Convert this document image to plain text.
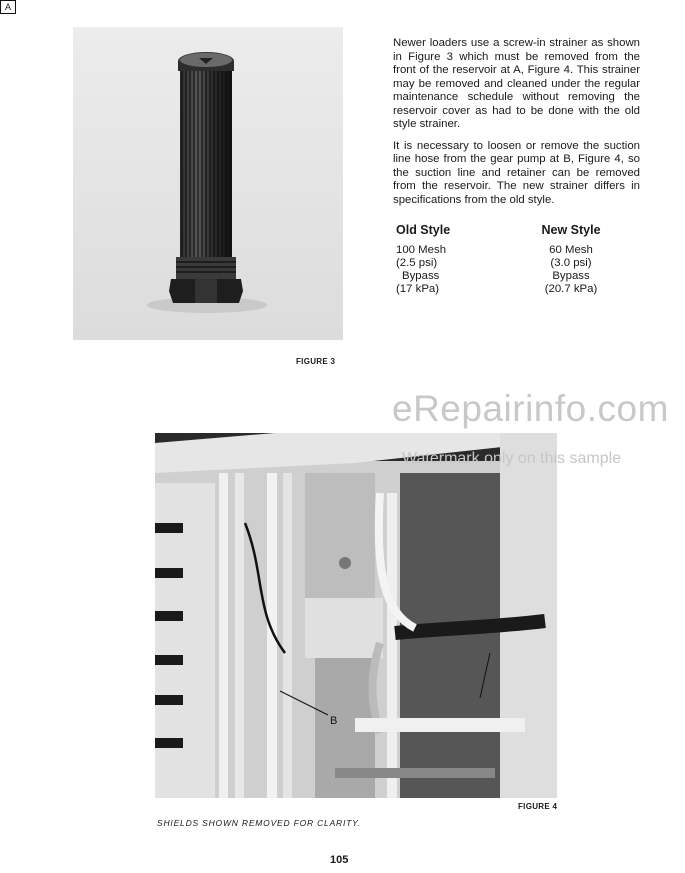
FIGURE 3

Newer loaders use a screw-in strainer as shown in Figure 3 which must be removed from the front of the reservoir at A, Figure 4. This strainer may be removed and cleaned under the regular maintenance schedule without removing the reservoir cover as had to be done with the old style strainer.

It is necessary to loosen or remove the suction line hose from the gear pump at B, Figure 4, so the suction line and retainer can be removed from the reservoir. The new strainer differs in specifications from the old style.

Old Style
100 Mesh
(2.5 psi)
Bypass
(17 kPa)
New Style
60 Mesh
(3.0 psi)
Bypass
(20.7 kPa)
A
B
eRepairinfo.com
Watermark only on this sample
FIGURE 4
SHIELDS SHOWN REMOVED FOR CLARITY.
105
